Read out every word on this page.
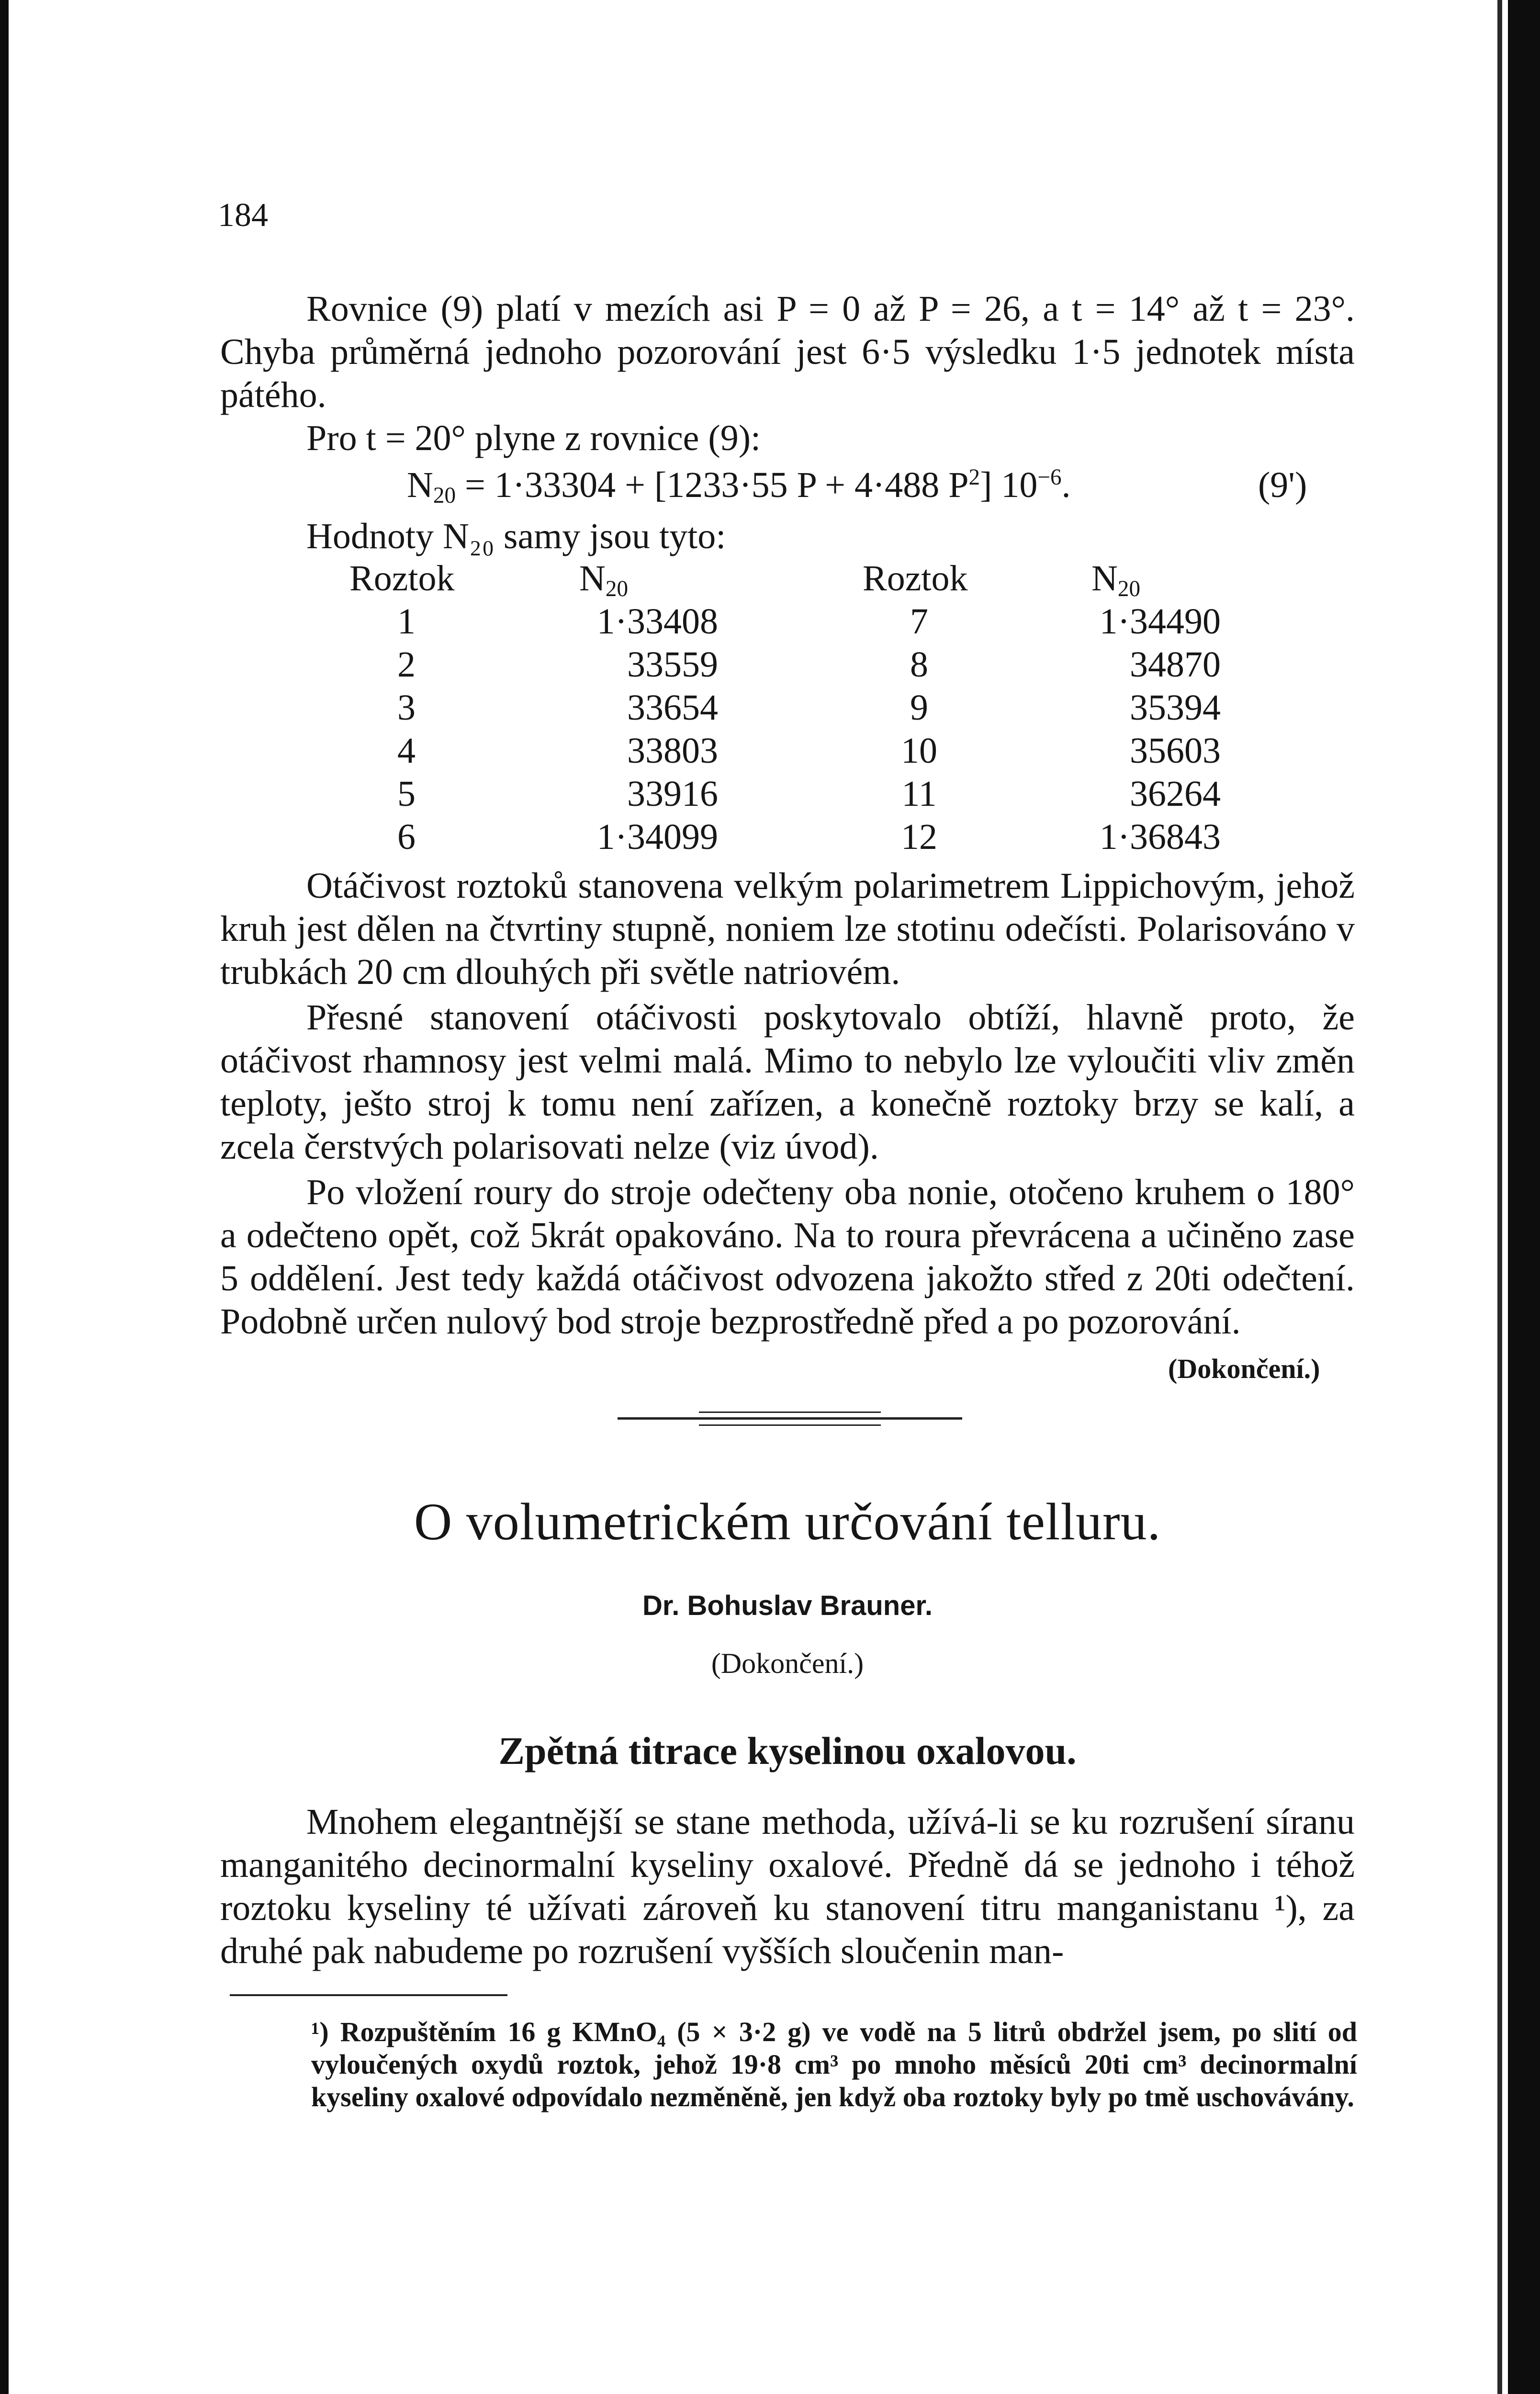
184

Rovnice (9) platí v mezích asi P = 0 až P = 26, a t = 14° až t = 23°. Chyba průměrná jednoho pozorování jest 6·5 výsledku 1·5 jednotek místa pátého.

Pro t = 20° plyne z rovnice (9):

$N_{20} = 1\cdot 33304 + [1233\cdot 55$ P + 4·488 $P^2$] $10^{-6}$.	(9')

Hodnoty N₂₀ samy jsou tyto:

Roztok	$N_{20}$	Roztok	$N_{20}$
1	1·33408	7	1·34490
2	33559	8	34870
3	33654	9	35394
4	33803	10	35603
5	33916	11	36264
6	1·34099	12	1·36843

Otáčivost roztoků stanovena velkým polarimetrem Lippichovým, jehož kruh jest dělen na čtvrtiny stupně, noniem lze stotinu odečísti. Polarisováno v trubkách 20 cm dlouhých při světle natriovém.

Přesné stanovení otáčivosti poskytovalo obtíží, hlavně proto, že otáčivost rhamnosy jest velmi malá. Mimo to nebylo lze vyloučiti vliv změn teploty, ješto stroj k tomu není zařízen, a konečně roztoky brzy se kalí, a zcela čerstvých polarisovati nelze (viz úvod).

Po vložení roury do stroje odečteny oba nonie, otočeno kruhem o 180° a odečteno opět, což 5krát opakováno. Na to roura převrácena a učiněno zase 5 oddělení. Jest tedy každá otáčivost odvozena jakožto střed z 20ti odečtení. Podobně určen nulový bod stroje bezprostředně před a po pozorování.

(Dokončení.)
O volumetrickém určování telluru.
Dr. Bohuslav Brauner.
(Dokončení.)
Zpětná titrace kyselinou oxalovou.

Mnohem elegantnější se stane methoda, užívá-li se ku rozrušení síranu manganitého decinormalní kyseliny oxalové. Předně dá se jednoho i téhož roztoku kyseliny té užívati zároveň ku stanovení titru manganistanu ¹), za druhé pak nabudeme po rozrušení vyšších sloučenin man-

¹) Rozpuštěním 16 g KMnO₄ (5 × 3·2 g) ve vodě na 5 litrů obdržel jsem, po slití od vyloučených oxydů roztok, jehož 19·8 cm³ po mnoho měsíců 20ti cm³ decinormalní kyseliny oxalové odpovídalo nezměněně, jen když oba roztoky byly po tmě uschovávány.
